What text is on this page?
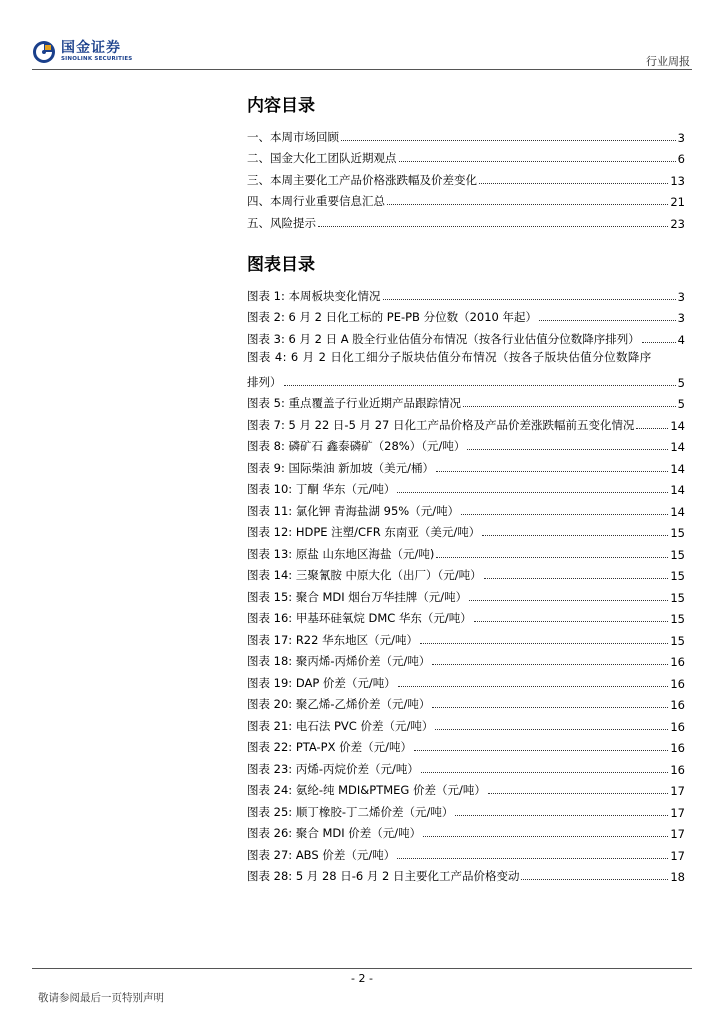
国金证券
SINOLINK SECURITIES	行业周报
内容目录
一、本周市场回顾	3
二、国金大化工团队近期观点	6
三、本周主要化工产品价格涨跌幅及价差变化	13
四、本周行业重要信息汇总	21
五、风险提示	23
图表目录
图表 1: 本周板块变化情况	3
图表 2: 6 月 2 日化工标的 PE-PB 分位数（2010 年起）	3
图表 3: 6 月 2 日 A 股全行业估值分布情况（按各行业估值分位数降序排列）	4
图表 4: 6 月 2 日化工细分子版块估值分布情况（按各子版块估值分位数降序
排列）	5
图表 5: 重点覆盖子行业近期产品跟踪情况	5
图表 7: 5 月 22 日-5 月 27 日化工产品价格及产品价差涨跌幅前五变化情况	14
图表 8: 磷矿石 鑫泰磷矿（28%）（元/吨）	14
图表 9: 国际柴油 新加坡（美元/桶）	14
图表 10: 丁酮 华东（元/吨）	14
图表 11: 氯化钾 青海盐湖 95%（元/吨）	14
图表 12: HDPE 注塑/CFR 东南亚（美元/吨）	15
图表 13: 原盐 山东地区海盐（元/吨)	15
图表 14: 三聚氰胺 中原大化（出厂）（元/吨）	15
图表 15: 聚合 MDI 烟台万华挂牌（元/吨）	15
图表 16: 甲基环硅氧烷 DMC 华东（元/吨）	15
图表 17: R22 华东地区（元/吨）	15
图表 18: 聚丙烯-丙烯价差（元/吨）	16
图表 19: DAP 价差（元/吨）	16
图表 20: 聚乙烯-乙烯价差（元/吨）	16
图表 21: 电石法 PVC 价差（元/吨）	16
图表 22: PTA-PX 价差（元/吨）	16
图表 23: 丙烯-丙烷价差（元/吨）	16
图表 24: 氨纶-纯 MDI&PTMEG 价差（元/吨）	17
图表 25: 顺丁橡胶-丁二烯价差（元/吨）	17
图表 26: 聚合 MDI 价差（元/吨）	17
图表 27: ABS 价差（元/吨）	17
图表 28: 5 月 28 日-6 月 2 日主要化工产品价格变动	18
- 2 -
敬请参阅最后一页特别声明
